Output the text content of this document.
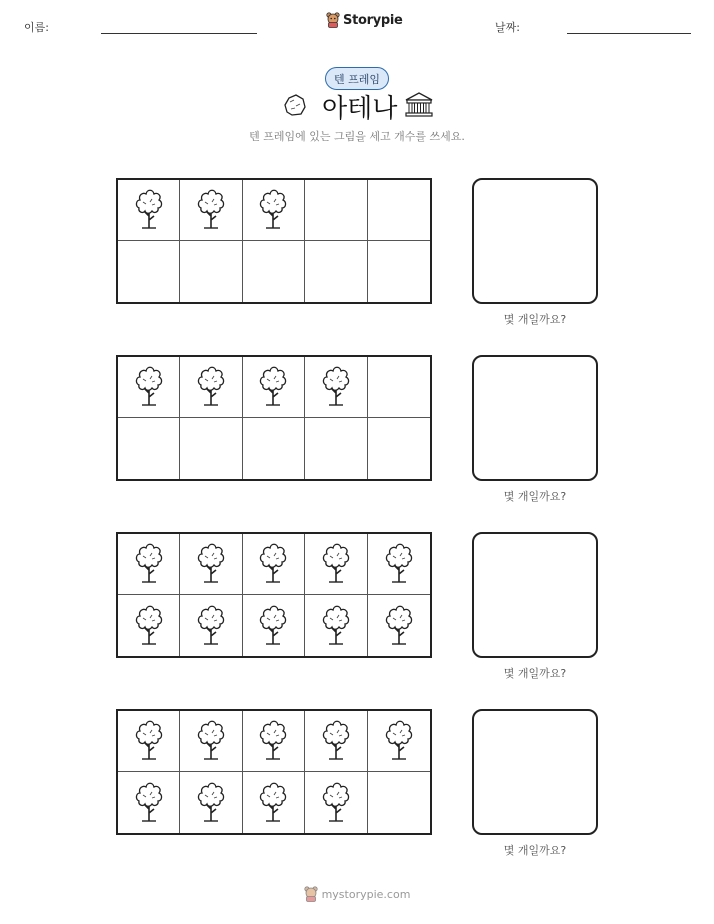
이름:	Storypie	날짜:
텐 프레임
아테나
텐 프레임에 있는 그림을 세고 개수를 쓰세요.
몇 개일까요?
몇 개일까요?
몇 개일까요?
몇 개일까요?
mystorypie.com
